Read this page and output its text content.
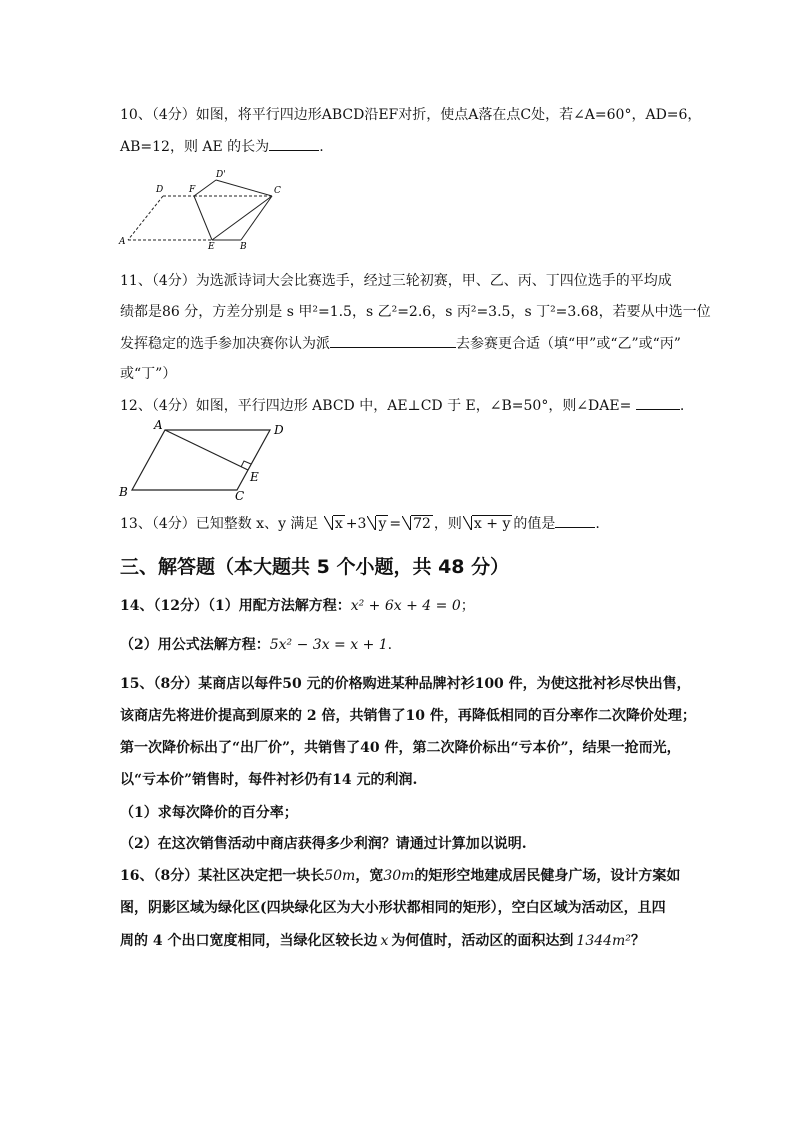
10、（4分）如图，将平行四边形ABCD沿EF对折，使点A落在点C处，若∠A=60°，AD=6，
AB=12，则 AE 的长为	.
D	F
D'
C
A	E	B
11、（4分）为选派诗词大会比赛选手，经过三轮初赛，甲、乙、丙、丁四位选手的平均成
绩都是86 分，方差分别是 s 甲²=1.5，s 乙²=2.6，s 丙²=3.5，s 丁²=3.68，若要从中选一位
发挥稳定的选手参加决赛你认为派	去参赛更合适（填“甲”或“乙”或“丙”
或“丁”）
12、（4分）如图，平行四边形 ABCD 中，AE⊥CD 于 E，∠B=50°，则∠DAE=	.
A	D
E
B	C
13、（4分）已知整数 x、y 满足 x +3 y = 72 ，则 x + y 的值是	.
三、解答题（本大题共 5 个小题，共 48 分）
14、（12分）（1）用配方法解方程：x² + 6x + 4 = 0；
（2）用公式法解方程：5x² − 3x = x + 1.
15、（8分）某商店以每件50 元的价格购进某种品牌衬衫100 件，为使这批衬衫尽快出售，
该商店先将进价提高到原来的 2 倍，共销售了10 件，再降低相同的百分率作二次降价处理；
第一次降价标出了“出厂价”，共销售了40 件，第二次降价标出“亏本价”，结果一抢而光，
以“亏本价”销售时，每件衬衫仍有14 元的利润.
（1）求每次降价的百分率；
（2）在这次销售活动中商店获得多少利润？请通过计算加以说明.
16、（8分）某社区决定把一块长50m，宽30m的矩形空地建成居民健身广场，设计方案如
图，阴影区域为绿化区(四块绿化区为大小形状都相同的矩形），空白区域为活动区，且四
周的 4 个出口宽度相同，当绿化区较长边 x 为何值时，活动区的面积达到 1344m²？
